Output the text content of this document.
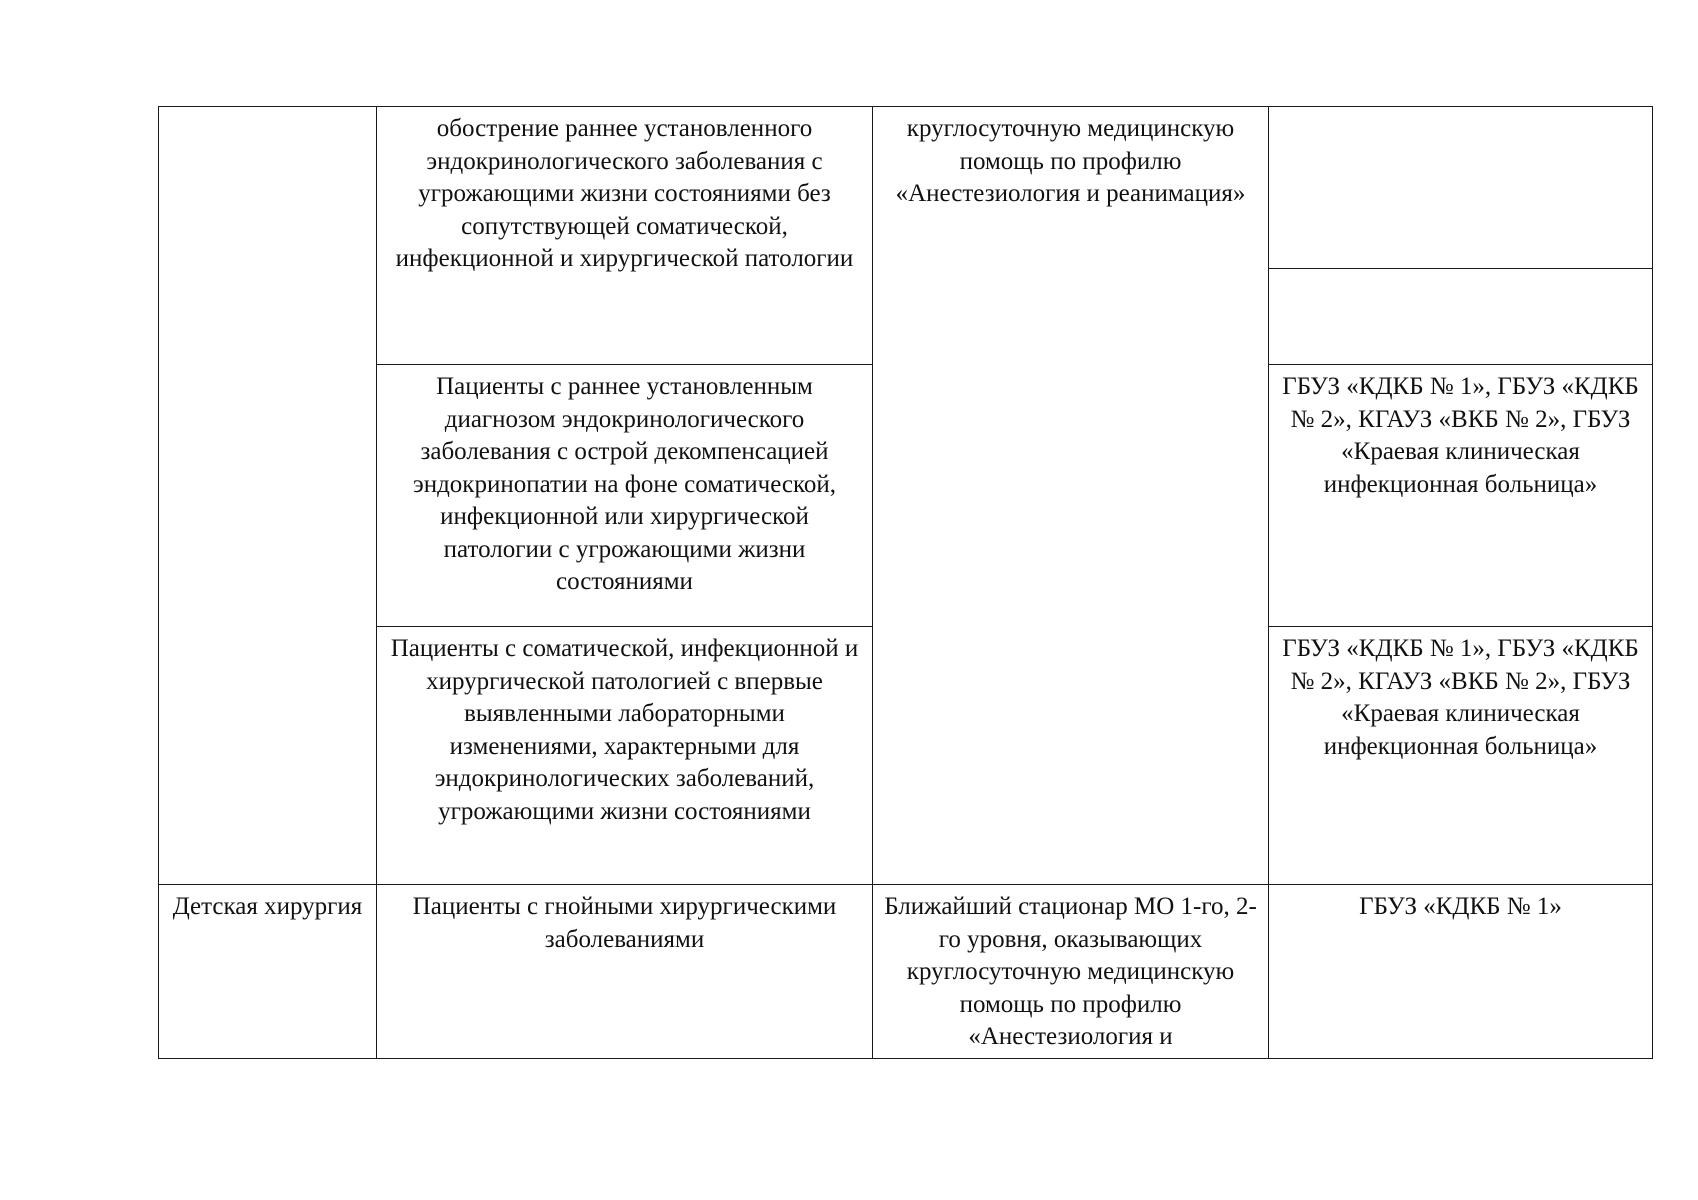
	обострение раннее установленного эндокринологического заболевания с угрожающими жизни состояниями без сопутствующей соматической, инфекционной и хирургической патологии	круглосуточную медицинскую помощь по профилю «Анестезиология и реанимация»	

	Пациенты с раннее установленным диагнозом эндокринологического заболевания с острой декомпенсацией эндокринопатии на фоне соматической, инфекционной или хирургической патологии с угрожающими жизни состояниями		ГБУЗ «КДКБ № 1», ГБУЗ «КДКБ № 2», КГАУЗ «ВКБ № 2», ГБУЗ «Краевая клиническая инфекционная больница»
	Пациенты с соматической, инфекционной и хирургической патологией с впервые выявленными лабораторными изменениями, характерными для эндокринологических заболеваний, угрожающими жизни состояниями		ГБУЗ «КДКБ № 1», ГБУЗ «КДКБ № 2», КГАУЗ «ВКБ № 2», ГБУЗ «Краевая клиническая инфекционная больница»
Детская хирургия	Пациенты с гнойными хирургическими заболеваниями	Ближайший стационар МО 1-го, 2-го уровня, оказывающих круглосуточную медицинскую помощь по профилю «Анестезиология и	ГБУЗ «КДКБ № 1»
